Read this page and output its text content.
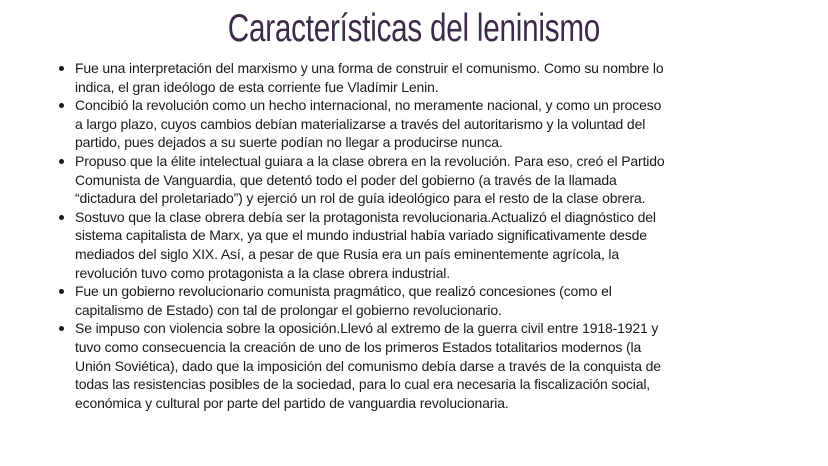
Características del leninismo
Fue una interpretación del marxismo y una forma de construir el comunismo. Como su nombre lo
indica, el gran ideólogo de esta corriente fue Vladímir Lenin.
Concibió la revolución como un hecho internacional, no meramente nacional, y como un proceso
a largo plazo, cuyos cambios debían materializarse a través del autoritarismo y la voluntad del
partido, pues dejados a su suerte podían no llegar a producirse nunca.
Propuso que la élite intelectual guiara a la clase obrera en la revolución. Para eso, creó el Partido
Comunista de Vanguardia, que detentó todo el poder del gobierno (a través de la llamada
“dictadura del proletariado”) y ejerció un rol de guía ideológico para el resto de la clase obrera.
Sostuvo que la clase obrera debía ser la protagonista revolucionaria.Actualizó el diagnóstico del
sistema capitalista de Marx, ya que el mundo industrial había variado significativamente desde
mediados del siglo XIX. Así, a pesar de que Rusia era un país eminentemente agrícola, la
revolución tuvo como protagonista a la clase obrera industrial.
Fue un gobierno revolucionario comunista pragmático, que realizó concesiones (como el
capitalismo de Estado) con tal de prolongar el gobierno revolucionario.
Se impuso con violencia sobre la oposición.Llevó al extremo de la guerra civil entre 1918-1921 y
tuvo como consecuencia la creación de uno de los primeros Estados totalitarios modernos (la
Unión Soviética), dado que la imposición del comunismo debía darse a través de la conquista de
todas las resistencias posibles de la sociedad, para lo cual era necesaria la fiscalización social,
económica y cultural por parte del partido de vanguardia revolucionaria.
